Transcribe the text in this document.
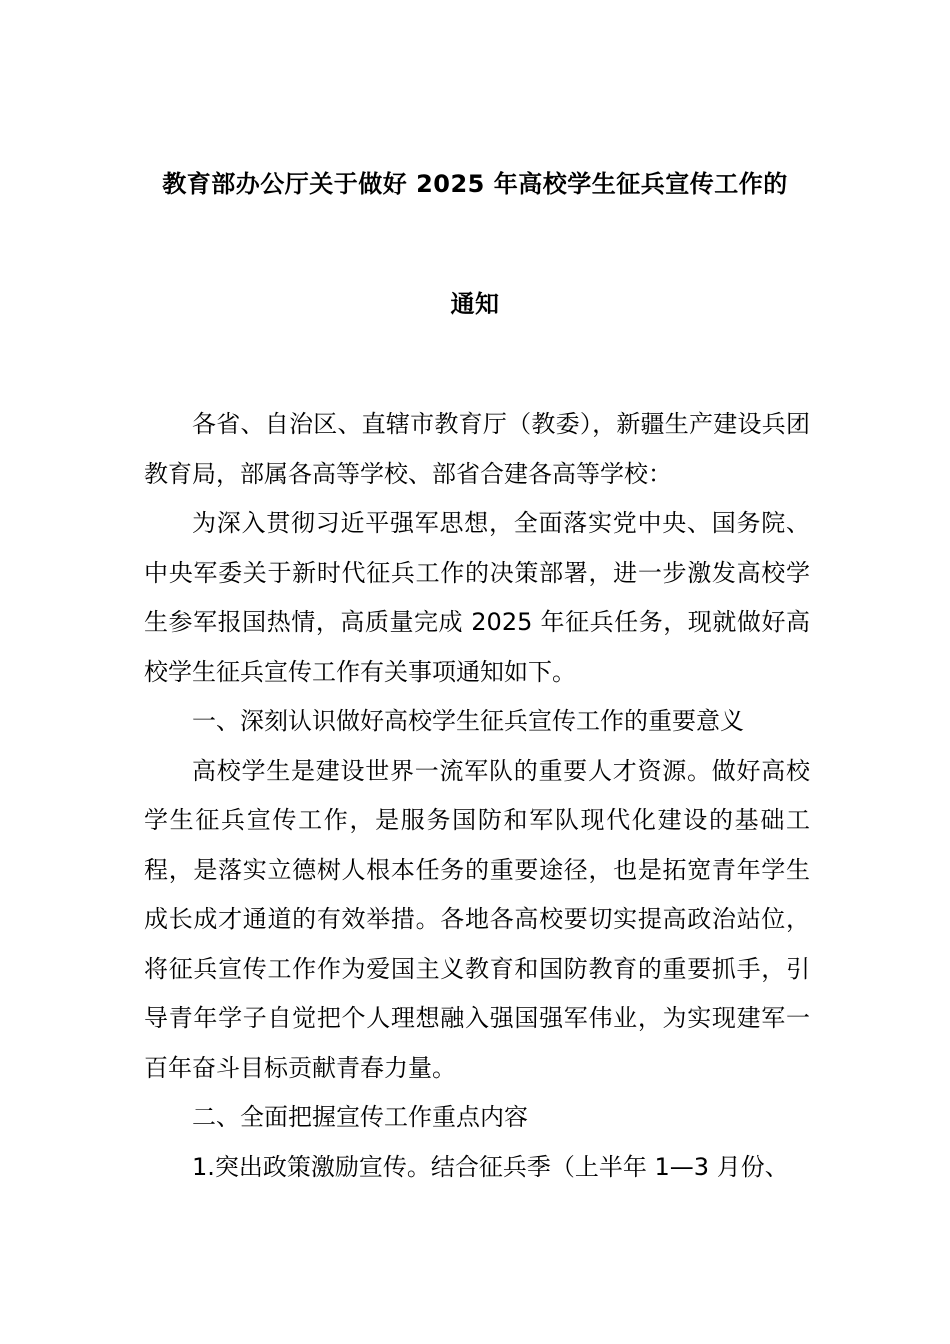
教育部办公厅关于做好 2025 年高校学生征兵宣传工作的
通知

各省、自治区、直辖市教育厅（教委），新疆生产建设兵团教育局，部属各高等学校、部省合建各高等学校：

为深入贯彻习近平强军思想，全面落实党中央、国务院、中央军委关于新时代征兵工作的决策部署，进一步激发高校学生参军报国热情，高质量完成 2025 年征兵任务，现就做好高校学生征兵宣传工作有关事项通知如下。

一、深刻认识做好高校学生征兵宣传工作的重要意义

高校学生是建设世界一流军队的重要人才资源。做好高校学生征兵宣传工作，是服务国防和军队现代化建设的基础工程，是落实立德树人根本任务的重要途径，也是拓宽青年学生成长成才通道的有效举措。各地各高校要切实提高政治站位，将征兵宣传工作作为爱国主义教育和国防教育的重要抓手，引导青年学子自觉把个人理想融入强国强军伟业，为实现建军一百年奋斗目标贡献青春力量。

二、全面把握宣传工作重点内容

1.突出政策激励宣传。结合征兵季（上半年 1—3 月份、
